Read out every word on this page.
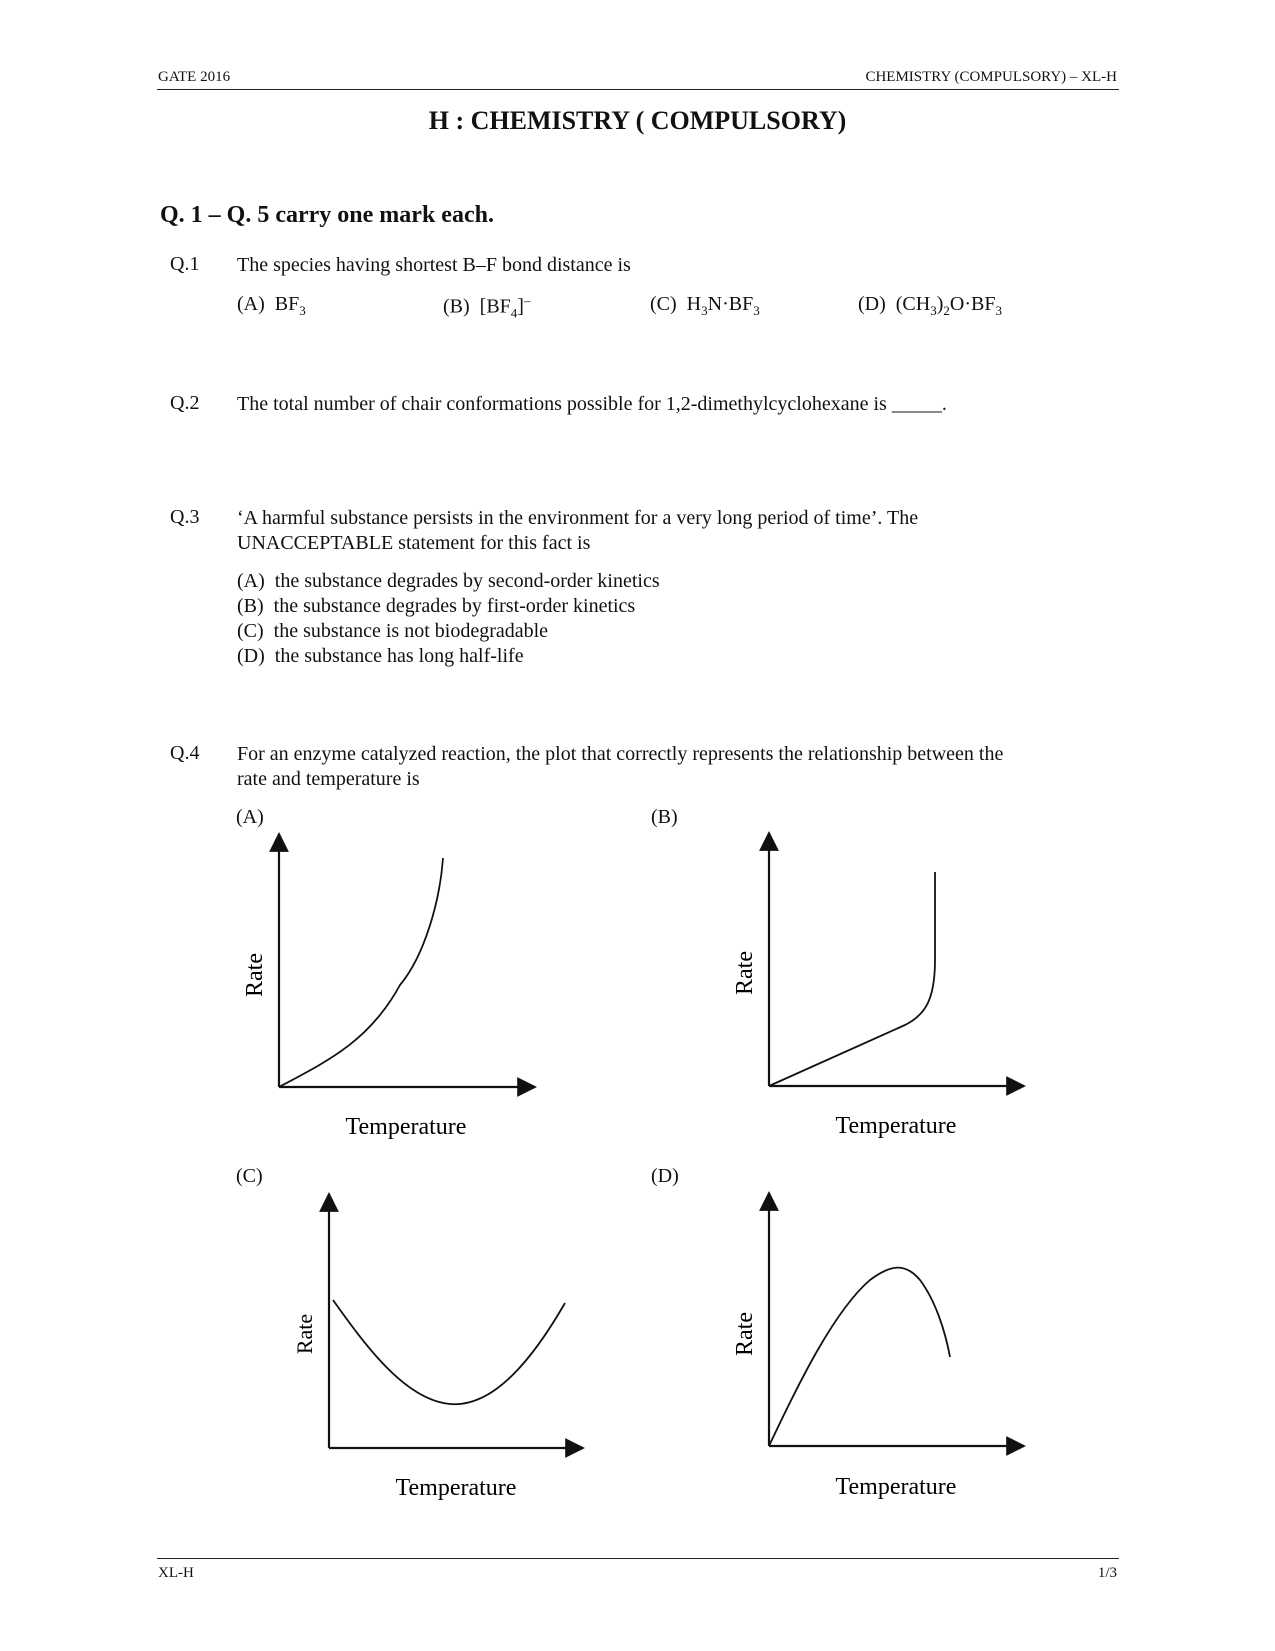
GATE 2016	CHEMISTRY (COMPULSORY) – XL-H
H : CHEMISTRY ( COMPULSORY)
Q. 1 – Q. 5 carry one mark each.
Q.1 The species having shortest B–F bond distance is
(A) $BF_3$	(B) $[BF_4]^-$	(C) $H_3N\cdot BF_3$	(D) $(CH_3)_2O\cdot BF_3$
Q.2 The total number of chair conformations possible for 1,2-dimethylcyclohexane is _____.
Q.3 ‘A harmful substance persists in the environment for a very long period of time’. The
UNACCEPTABLE statement for this fact is
(A) the substance degrades by second-order kinetics
(B) the substance degrades by first-order kinetics
(C) the substance is not biodegradable
(D) the substance has long half-life
Q.4 For an enzyme catalyzed reaction, the plot that correctly represents the relationship between the
rate and temperature is
(A)	(B)
(C)	(D)
Rate
Temperature
Rate
Temperature
Rate
Temperature
Rate
Temperature
XL-H	1/3
